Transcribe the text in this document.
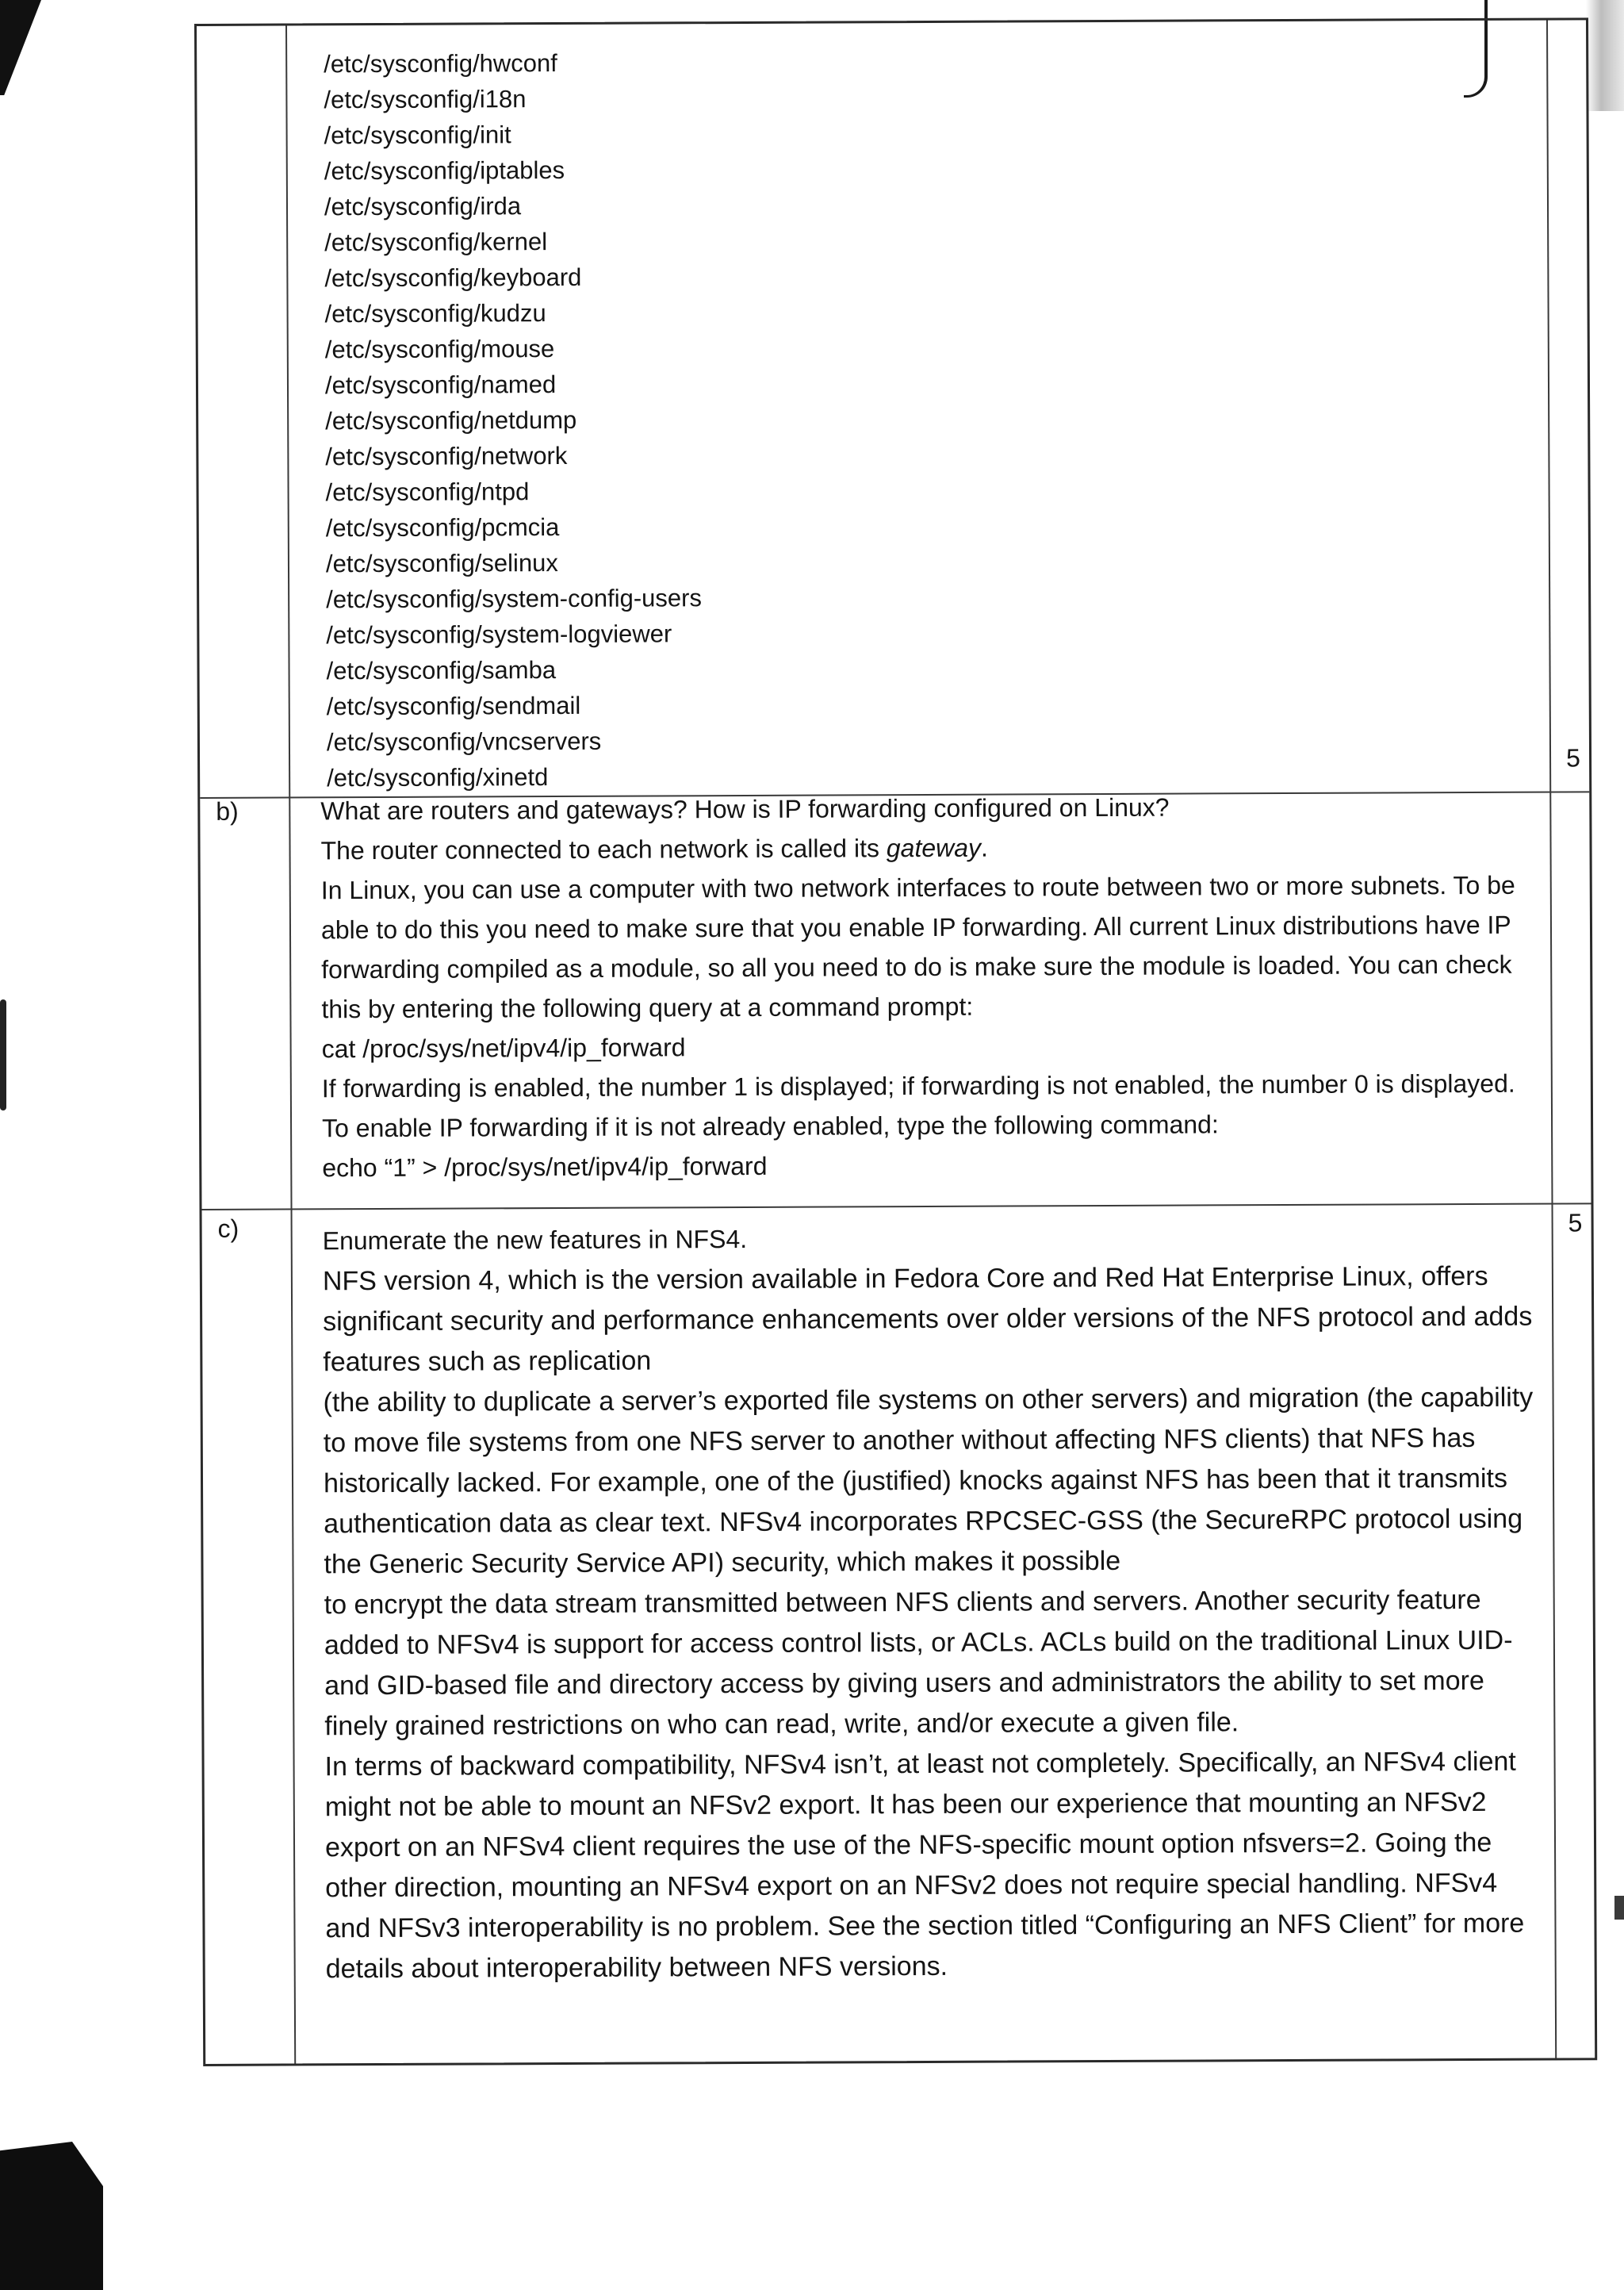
/etc/sysconfig/hwconf
/etc/sysconfig/i18n
/etc/sysconfig/init
/etc/sysconfig/iptables
/etc/sysconfig/irda
/etc/sysconfig/kernel
/etc/sysconfig/keyboard
/etc/sysconfig/kudzu
/etc/sysconfig/mouse
/etc/sysconfig/named
/etc/sysconfig/netdump
/etc/sysconfig/network
/etc/sysconfig/ntpd
/etc/sysconfig/pcmcia
/etc/sysconfig/selinux
/etc/sysconfig/system-config-users
/etc/sysconfig/system-logviewer
/etc/sysconfig/samba
/etc/sysconfig/sendmail
/etc/sysconfig/vncservers
/etc/sysconfig/xinetd
b)
5

What are routers and gateways? How is IP forwarding configured on Linux?

The router connected to each network is called its gateway.

In Linux, you can use a computer with two network interfaces to route between two or more subnets. To be able to do this you need to make sure that you enable IP forwarding. All current Linux distributions have IP forwarding compiled as a module, so all you need to do is make sure the module is loaded. You can check this by entering the following query at a command prompt:

cat /proc/sys/net/ipv4/ip_forward

If forwarding is enabled, the number 1 is displayed; if forwarding is not enabled, the number 0 is displayed. To enable IP forwarding if it is not already enabled, type the following command:

echo “1” > /proc/sys/net/ipv4/ip_forward

c)	5

Enumerate the new features in NFS4.

NFS version 4, which is the version available in Fedora Core and Red Hat Enterprise Linux, offers significant security and performance enhancements over older versions of the NFS protocol and adds features such as replication

(the ability to duplicate a server’s exported file systems on other servers) and migration (the capability to move file systems from one NFS server to another without affecting NFS clients) that NFS has historically lacked. For example, one of the (justified) knocks against NFS has been that it transmits authentication data as clear text. NFSv4 incorporates RPCSEC-GSS (the SecureRPC protocol using the Generic Security Service API) security, which makes it possible

to encrypt the data stream transmitted between NFS clients and servers. Another security feature added to NFSv4 is support for access control lists, or ACLs. ACLs build on the traditional Linux UID- and GID-based file and directory access by giving users and administrators the ability to set more finely grained restrictions on who can read, write, and/or execute a given file.

In terms of backward compatibility, NFSv4 isn’t, at least not completely. Specifically, an NFSv4 client might not be able to mount an NFSv2 export. It has been our experience that mounting an NFSv2 export on an NFSv4 client requires the use of the NFS-specific mount option nfsvers=2. Going the other direction, mounting an NFSv4 export on an NFSv2 does not require special handling. NFSv4 and NFSv3 interoperability is no problem. See the section titled “Configuring an NFS Client” for more details about interoperability between NFS versions.
